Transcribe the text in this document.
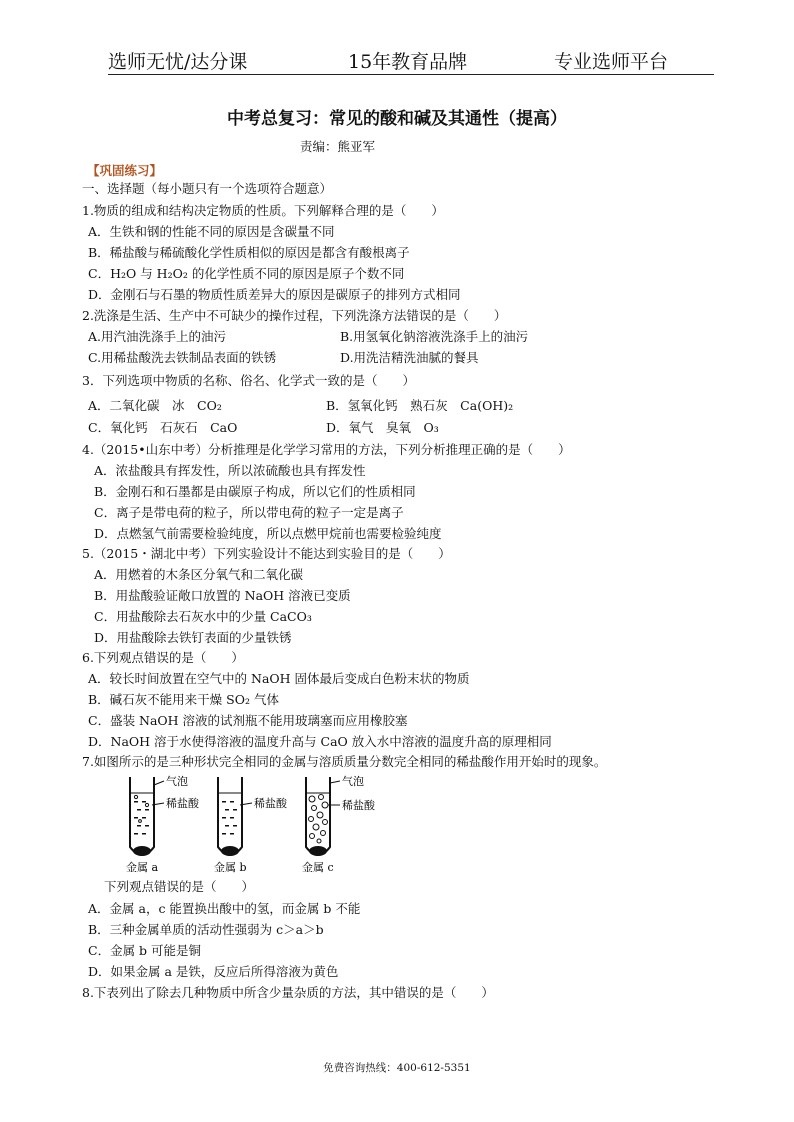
选师无忧/达分课	15年教育品牌	专业选师平台
中考总复习：常见的酸和碱及其通性（提高）
责编：熊亚军
【巩固练习】
一、选择题（每小题只有一个选项符合题意）
1.物质的组成和结构决定物质的性质。下列解释合理的是（　　）
A．生铁和钢的性能不同的原因是含碳量不同
B．稀盐酸与稀硫酸化学性质相似的原因是都含有酸根离子
C．H₂O 与 H₂O₂ 的化学性质不同的原因是原子个数不同
D．金刚石与石墨的物质性质差异大的原因是碳原子的排列方式相同
2.洗涤是生活、生产中不可缺少的操作过程，下列洗涤方法错误的是（　　）
A.用汽油洗涤手上的油污	B.用氢氧化钠溶液洗涤手上的油污
C.用稀盐酸洗去铁制品表面的铁锈	D.用洗洁精洗油腻的餐具
3．下列选项中物质的名称、俗名、化学式一致的是（　　）
A．二氧化碳　冰　CO₂	B．氢氧化钙　熟石灰　Ca(OH)₂
C．氧化钙　石灰石　CaO	D．氧气　臭氧　O₃
4.（2015•山东中考）分析推理是化学学习常用的方法，下列分析推理正确的是（　　）
A．浓盐酸具有挥发性，所以浓硫酸也具有挥发性
B．金刚石和石墨都是由碳原子构成，所以它们的性质相同
C．离子是带电荷的粒子，所以带电荷的粒子一定是离子
D．点燃氢气前需要检验纯度，所以点燃甲烷前也需要检验纯度
5.（2015・湖北中考）下列实验设计不能达到实验目的是（　　）
A．用燃着的木条区分氧气和二氧化碳
B．用盐酸验证敞口放置的 NaOH 溶液已变质
C．用盐酸除去石灰水中的少量 CaCO₃
D．用盐酸除去铁钉表面的少量铁锈
6.下列观点错误的是（　　）
A．较长时间放置在空气中的 NaOH 固体最后变成白色粉末状的物质
B．碱石灰不能用来干燥 SO₂ 气体
C．盛装 NaOH 溶液的试剂瓶不能用玻璃塞而应用橡胶塞
D．NaOH 溶于水使得溶液的温度升高与 CaO 放入水中溶液的温度升高的原理相同
7.如图所示的是三种形状完全相同的金属与溶质质量分数完全相同的稀盐酸作用开始时的现象。
下列观点错误的是（　　）
A．金属 a，c 能置换出酸中的氢，而金属 b 不能
B．三种金属单质的活动性强弱为 c＞a＞b
C．金属 b 可能是铜
D．如果金属 a 是铁，反应后所得溶液为黄色
8.下表列出了除去几种物质中所含少量杂质的方法，其中错误的是（　　）
气泡
稀盐酸
金属 a
稀盐酸
金属 b
气泡
稀盐酸
金属 c
免费咨询热线：400-612-5351
